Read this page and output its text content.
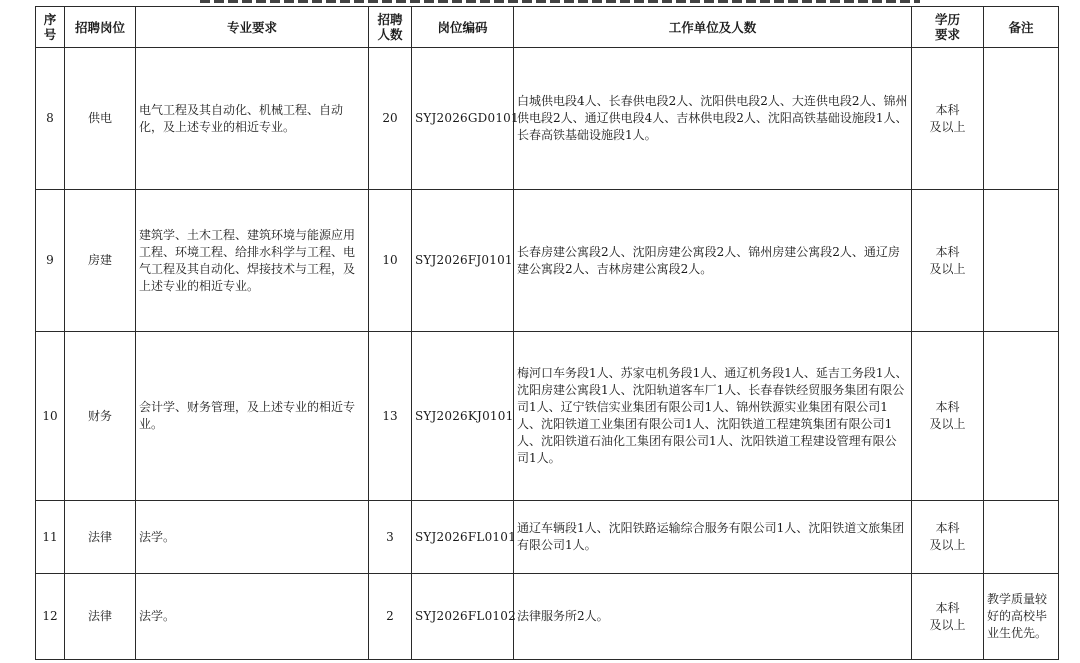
序号	招聘岗位	专业要求	招聘人数	岗位编码	工作单位及人数	学历要求	备注
8	供电	电气工程及其自动化、机械工程、自动化，及上述专业的相近专业。	20	SYJ2026GD0101	白城供电段4人、长春供电段2人、沈阳供电段2人、大连供电段2人、锦州供电段2人、通辽供电段4人、吉林供电段2人、沈阳高铁基础设施段1人、长春高铁基础设施段1人。	本科
及以上	

9	房建	建筑学、土木工程、建筑环境与能源应用工程、环境工程、给排水科学与工程、电气工程及其自动化、焊接技术与工程，及上述专业的相近专业。	10	SYJ2026FJ0101	长春房建公寓段2人、沈阳房建公寓段2人、锦州房建公寓段2人、通辽房建公寓段2人、吉林房建公寓段2人。	本科
及以上	

10	财务	会计学、财务管理，及上述专业的相近专业。	13	SYJ2026KJ0101	梅河口车务段1人、苏家屯机务段1人、通辽机务段1人、延吉工务段1人、沈阳房建公寓段1人、沈阳轨道客车厂1人、长春春铁经贸服务集团有限公司1人、辽宁铁信实业集团有限公司1人、锦州铁源实业集团有限公司1人、沈阳铁道工业集团有限公司1人、沈阳铁道工程建筑集团有限公司1人、沈阳铁道石油化工集团有限公司1人、沈阳铁道工程建设管理有限公司1人。	本科
及以上	

11	法律	法学。	3	SYJ2026FL0101	通辽车辆段1人、沈阳铁路运输综合服务有限公司1人、沈阳铁道文旅集团有限公司1人。	本科
及以上	

12	法律	法学。	2	SYJ2026FL0102	法律服务所2人。	本科
及以上	教学质量较好的高校毕业生优先。
